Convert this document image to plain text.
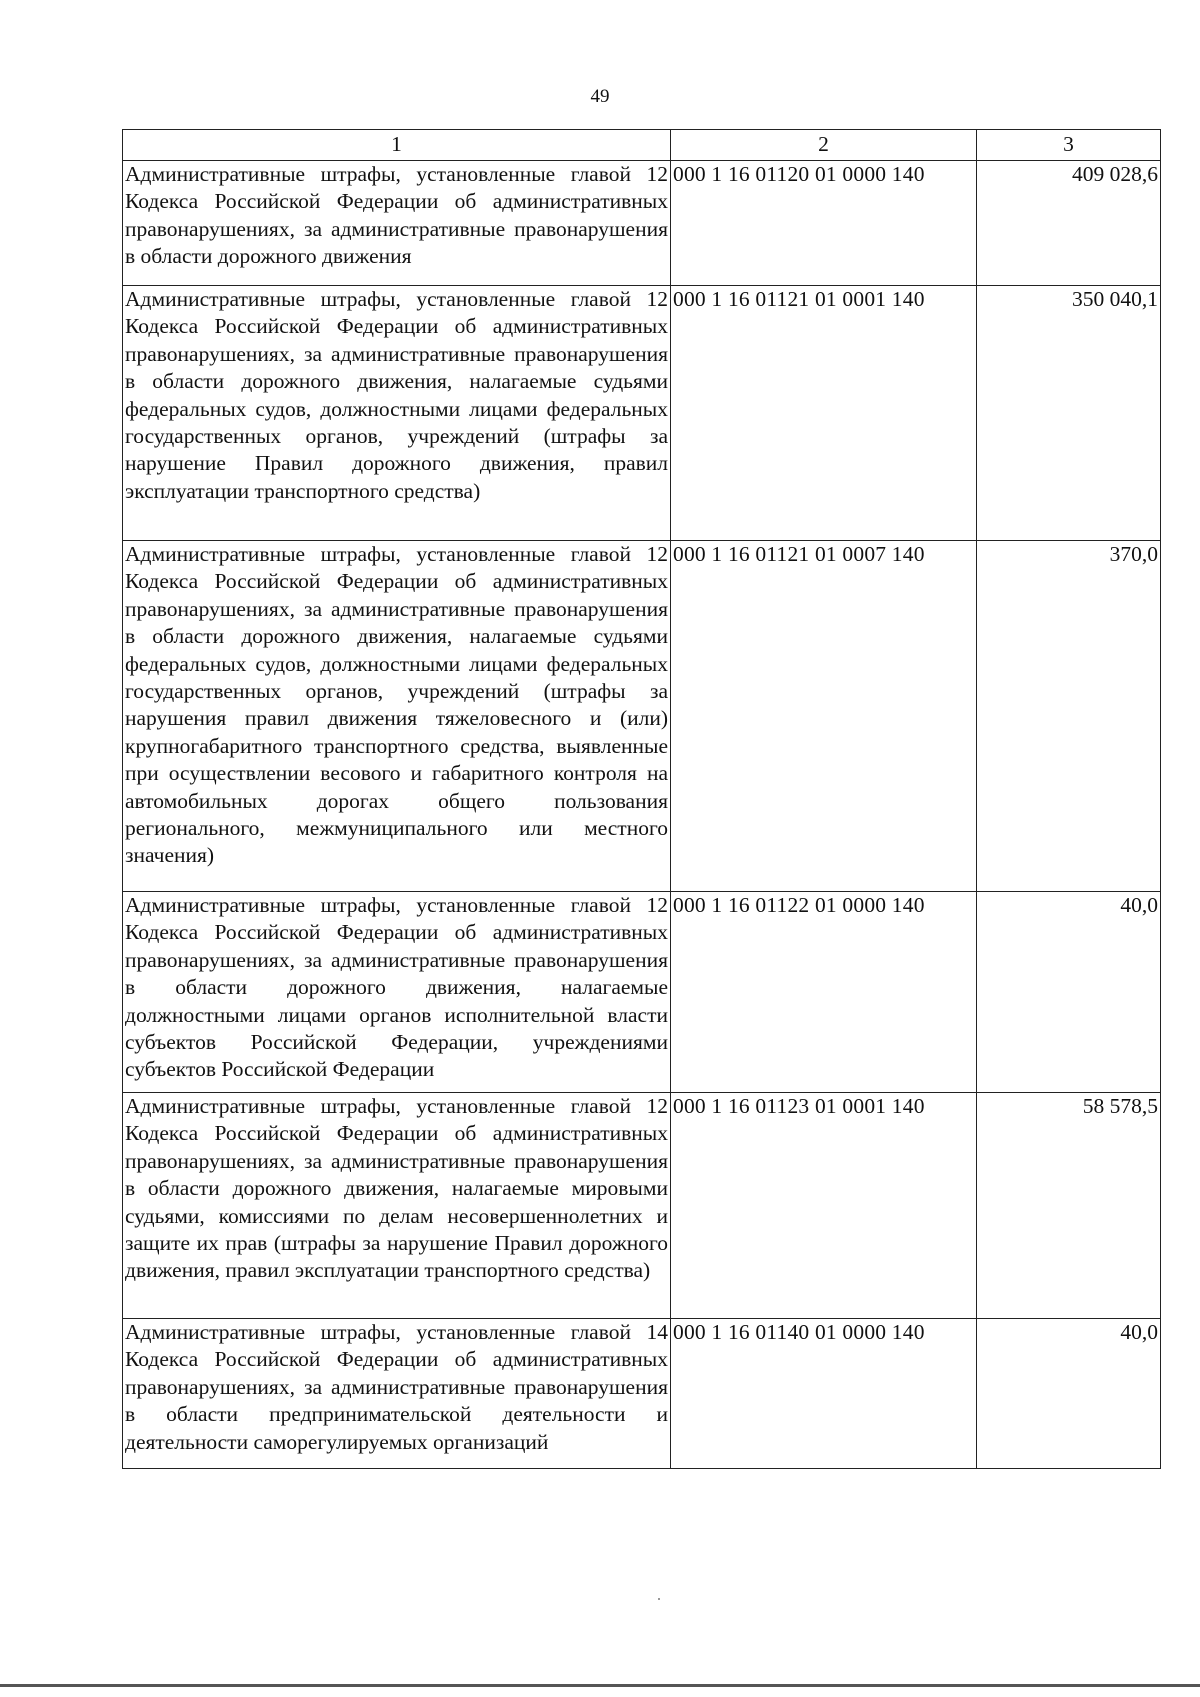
49
1	2	3
Административные штрафы, установленные главой 12 Кодекса Российской Федерации об административных правонарушениях, за административные правонарушения в области дорожного движения	000 1 16 01120 01 0000 140	409 028,6
Административные штрафы, установленные главой 12 Кодекса Российской Федерации об административных правонарушениях, за административные правонарушения в области дорожного движения, налагаемые судьями федеральных судов, должностными лицами федеральных государственных органов, учреждений (штрафы за нарушение Правил дорожного движения, правил эксплуатации транспортного средства)	000 1 16 01121 01 0001 140	350 040,1
Административные штрафы, установленные главой 12 Кодекса Российской Федерации об административных правонарушениях, за административные правонарушения в области дорожного движения, налагаемые судьями федеральных судов, должностными лицами федеральных государственных органов, учреждений (штрафы за нарушения правил движения тяжеловесного и (или) крупногабаритного транспортного средства, выявленные при осуществлении весового и габаритного контроля на автомобильных дорогах общего пользования регионального, межмуниципального или местного значения)	000 1 16 01121 01 0007 140	370,0
Административные штрафы, установленные главой 12 Кодекса Российской Федерации об административных правонарушениях, за административные правонарушения в области дорожного движения, налагаемые должностными лицами органов исполнительной власти субъектов Российской Федерации, учреждениями субъектов Российской Федерации	000 1 16 01122 01 0000 140	40,0
Административные штрафы, установленные главой 12 Кодекса Российской Федерации об административных правонарушениях, за административные правонарушения в области дорожного движения, налагаемые мировыми судьями, комиссиями по делам несовершеннолетних и защите их прав (штрафы за нарушение Правил дорожного движения, правил эксплуатации транспортного средства)	000 1 16 01123 01 0001 140	58 578,5
Административные штрафы, установленные главой 14 Кодекса Российской Федерации об административных правонарушениях, за административные правонарушения в области предпринимательской деятельности и деятельности саморегулируемых организаций	000 1 16 01140 01 0000 140	40,0
